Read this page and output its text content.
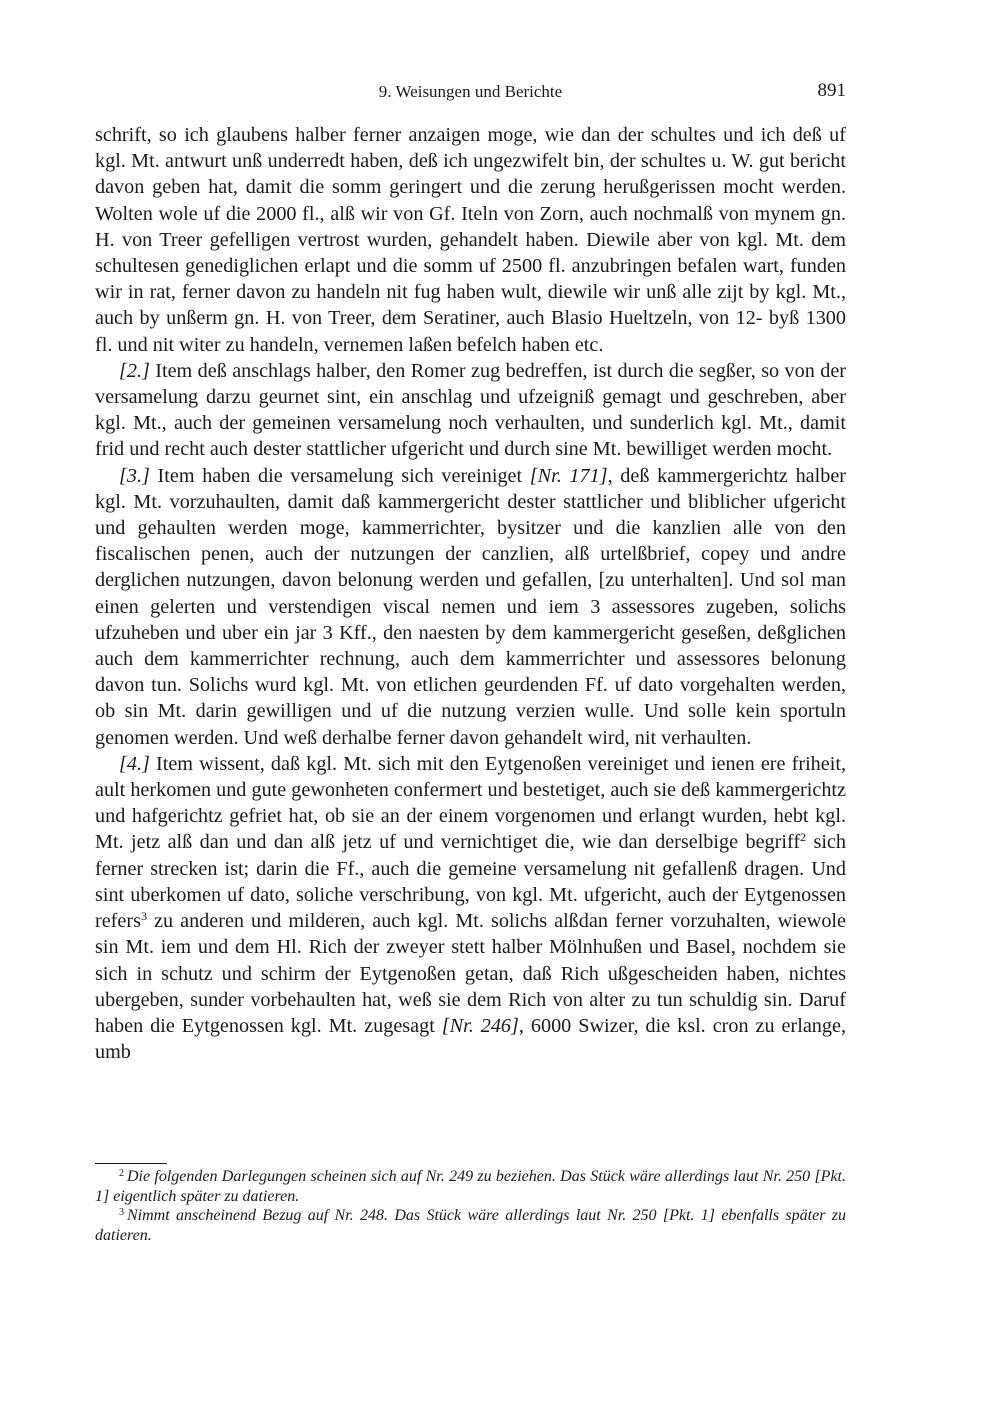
9. Weisungen und Berichte	891

schrift, so ich glaubens halber ferner anzaigen moge, wie dan der schultes und ich deß uf kgl. Mt. antwurt unß underredt haben, deß ich ungezwifelt bin, der schultes u. W. gut bericht davon geben hat, damit die somm geringert und die zerung herußgerissen mocht werden. Wolten wole uf die 2000 fl., alß wir von Gf. Iteln von Zorn, auch nochmalß von mynem gn. H. von Treer gefelligen vertrost wurden, gehandelt haben. Diewile aber von kgl. Mt. dem schultesen genediglichen erlapt und die somm uf 2500 fl. anzubringen befalen wart, funden wir in rat, ferner davon zu handeln nit fug haben wult, diewile wir unß alle zijt by kgl. Mt., auch by unßerm gn. H. von Treer, dem Seratiner, auch Blasio Hueltzeln, von 12- byß 1300 fl. und nit witer zu handeln, vernemen laßen befelch haben etc.

[2.] Item deß anschlags halber, den Romer zug bedreffen, ist durch die segßer, so von der versamelung darzu geurnet sint, ein anschlag und ufzeigniß gemagt und geschreben, aber kgl. Mt., auch der gemeinen versamelung noch verhaulten, und sunderlich kgl. Mt., damit frid und recht auch dester stattlicher ufgericht und durch sine Mt. bewilliget werden mocht.

[3.] Item haben die versamelung sich vereiniget [Nr. 171], deß kammergerichtz halber kgl. Mt. vorzuhaulten, damit daß kammergericht dester stattlicher und bliblicher ufgericht und gehaulten werden moge, kammerrichter, bysitzer und die kanzlien alle von den fiscalischen penen, auch der nutzungen der canzlien, alß urtelßbrief, copey und andre derglichen nutzungen, davon belonung werden und gefallen, [zu unterhalten]. Und sol man einen gelerten und verstendigen viscal nemen und iem 3 assessores zugeben, solichs ufzuheben und uber ein jar 3 Kff., den naesten by dem kammergericht geseßen, deßglichen auch dem kammerrichter rechnung, auch dem kammerrichter und assessores belonung davon tun. Solichs wurd kgl. Mt. von etlichen geurdenden Ff. uf dato vorgehalten werden, ob sin Mt. darin gewilligen und uf die nutzung verzien wulle. Und solle kein sportuln genomen werden. Und weß derhalbe ferner davon gehandelt wird, nit verhaulten.

[4.] Item wissent, daß kgl. Mt. sich mit den Eytgenoßen vereiniget und ienen ere friheit, ault herkomen und gute gewonheten confermert und bestetiget, auch sie deß kammergerichtz und hafgerichtz gefriet hat, ob sie an der einem vorgenomen und erlangt wurden, hebt kgl. Mt. jetz alß dan und dan alß jetz uf und vernichtiget die, wie dan derselbige begriff$^2$ sich ferner strecken ist; darin die Ff., auch die gemeine versamelung nit gefallenß dragen. Und sint uberkomen uf dato, soliche verschribung, von kgl. Mt. ufgericht, auch der Eytgenossen refers$^3$ zu anderen und milderen, auch kgl. Mt. solichs alßdan ferner vorzuhalten, wiewole sin Mt. iem und dem Hl. Rich der zweyer stett halber Mölnhußen und Basel, nochdem sie sich in schutz und schirm der Eytgenoßen getan, daß Rich ußgescheiden haben, nichtes ubergeben, sunder vorbehaulten hat, weß sie dem Rich von alter zu tun schuldig sin. Daruf haben die Eytgenossen kgl. Mt. zugesagt [Nr. 246], 6000 Swizer, die ksl. cron zu erlange, umb

$^2$ Die folgenden Darlegungen scheinen sich auf Nr. 249 zu beziehen. Das Stück wäre allerdings laut Nr. 250 [Pkt. 1] eigentlich später zu datieren.

$^3$ Nimmt anscheinend Bezug auf Nr. 248. Das Stück wäre allerdings laut Nr. 250 [Pkt. 1] ebenfalls später zu datieren.
